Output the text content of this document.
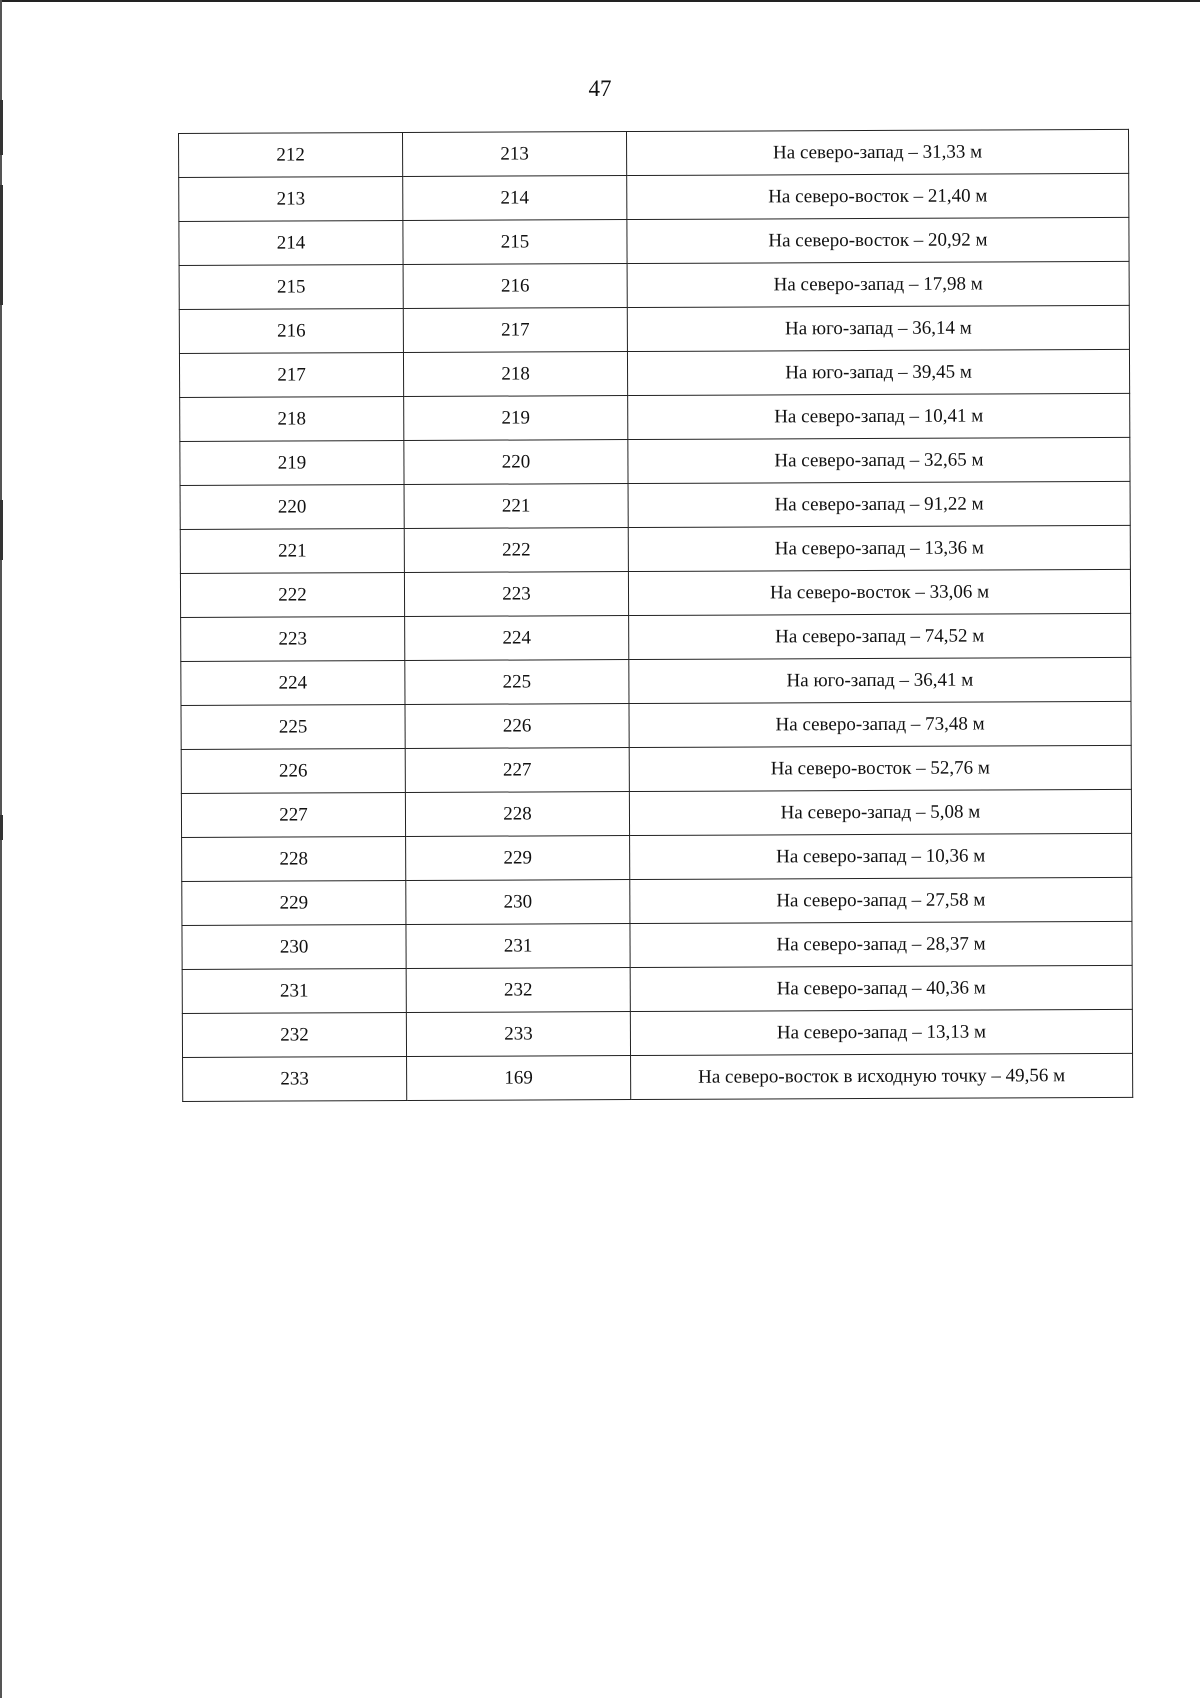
47
212	213	На северо-запад – 31,33 м
213	214	На северо-восток – 21,40 м
214	215	На северо-восток – 20,92 м
215	216	На северо-запад – 17,98 м
216	217	На юго-запад – 36,14 м
217	218	На юго-запад – 39,45 м
218	219	На северо-запад – 10,41 м
219	220	На северо-запад – 32,65 м
220	221	На северо-запад – 91,22 м
221	222	На северо-запад – 13,36 м
222	223	На северо-восток – 33,06 м
223	224	На северо-запад – 74,52 м
224	225	На юго-запад – 36,41 м
225	226	На северо-запад – 73,48 м
226	227	На северо-восток – 52,76 м
227	228	На северо-запад – 5,08 м
228	229	На северо-запад – 10,36 м
229	230	На северо-запад – 27,58 м
230	231	На северо-запад – 28,37 м
231	232	На северо-запад – 40,36 м
232	233	На северо-запад – 13,13 м
233	169	На северо-восток в исходную точку – 49,56 м
